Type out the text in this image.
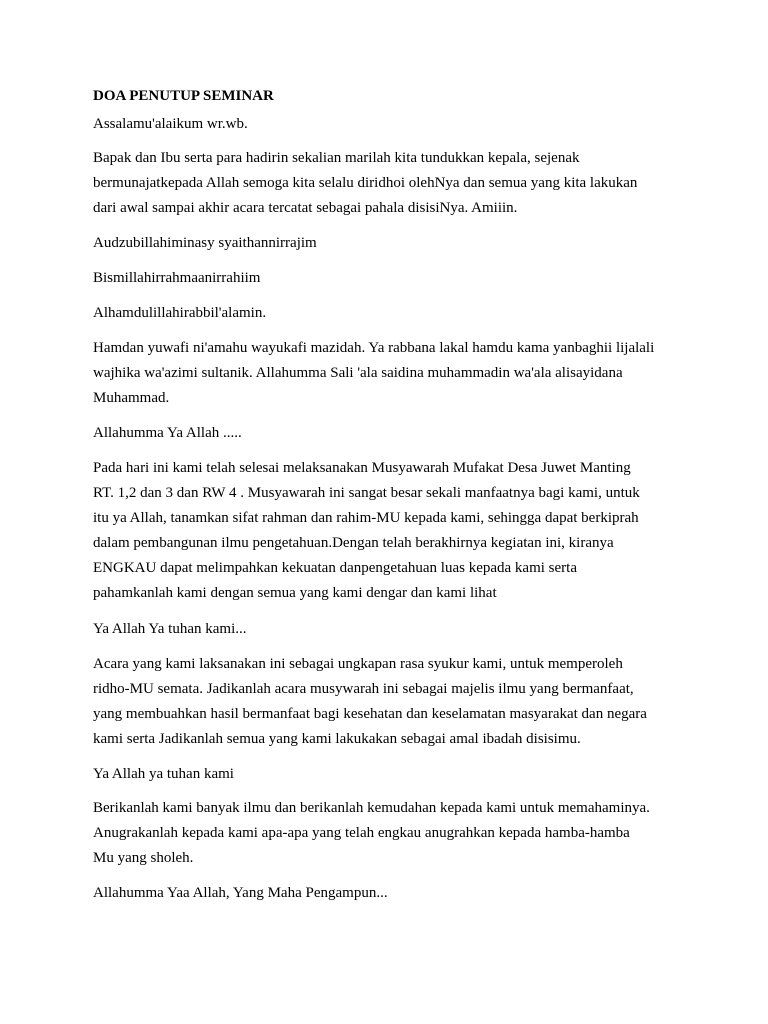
DOA PENUTUP SEMINAR

Assalamu'alaikum wr.wb.

Bapak dan Ibu serta para hadirin sekalian marilah kita tundukkan kepala, sejenak

bermunajatkepada Allah semoga kita selalu diridhoi olehNya dan semua yang kita lakukan

dari awal sampai akhir acara tercatat sebagai pahala disisiNya. Amiiin.

Audzubillahiminasy syaithannirrajim

Bismillahirrahmaanirrahiim

Alhamdulillahirabbil'alamin.

Hamdan yuwafi ni'amahu wayukafi mazidah. Ya rabbana lakal hamdu kama yanbaghii lijalali

wajhika wa'azimi sultanik. Allahumma Sali 'ala saidina muhammadin wa'ala alisayidana

Muhammad.

Allahumma Ya Allah .....

Pada hari ini kami telah selesai melaksanakan Musyawarah Mufakat Desa Juwet Manting

RT. 1,2 dan 3 dan RW 4 . Musyawarah ini sangat besar sekali manfaatnya bagi kami, untuk

itu ya Allah, tanamkan sifat rahman dan rahim-MU kepada kami, sehingga dapat berkiprah

dalam pembangunan ilmu pengetahuan.Dengan telah berakhirnya kegiatan ini, kiranya

ENGKAU dapat melimpahkan kekuatan danpengetahuan luas kepada kami serta

pahamkanlah kami dengan semua yang kami dengar dan kami lihat

Ya Allah Ya tuhan kami...

Acara yang kami laksanakan ini sebagai ungkapan rasa syukur kami, untuk memperoleh

ridho-MU semata. Jadikanlah acara musywarah ini sebagai majelis ilmu yang bermanfaat,

yang membuahkan hasil bermanfaat bagi kesehatan dan keselamatan masyarakat dan negara

kami serta Jadikanlah semua yang kami lakukakan sebagai amal ibadah disisimu.

Ya Allah ya tuhan kami

Berikanlah kami banyak ilmu dan berikanlah kemudahan kepada kami untuk memahaminya.

Anugrakanlah kepada kami apa-apa yang telah engkau anugrahkan kepada hamba-hamba

Mu yang sholeh.

Allahumma Yaa Allah, Yang Maha Pengampun...
